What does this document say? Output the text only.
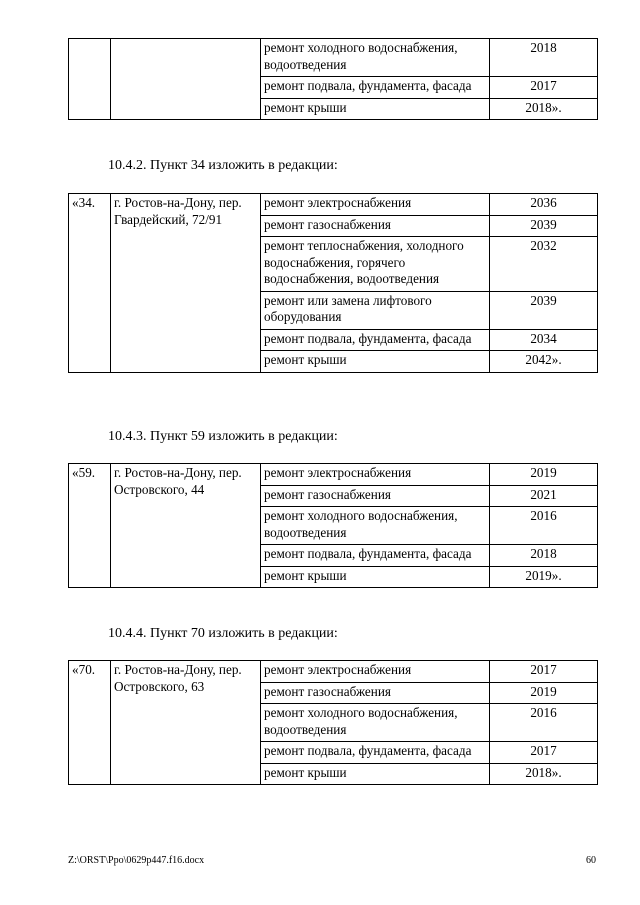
		ремонт холодного водоснабжения, водоотведения	2018
		ремонт подвала, фундамента, фасада	2017
		ремонт крыши	2018».
10.4.2. Пункт 34 изложить в редакции:
«34.	г. Ростов-на-Дону, пер. Гвардейский, 72/91	ремонт электроснабжения	2036
		ремонт газоснабжения	2039
		ремонт теплоснабжения, холодного водоснабжения, горячего водоснабжения, водоотведения	2032
		ремонт или замена лифтового оборудования	2039
		ремонт подвала, фундамента, фасада	2034
		ремонт крыши	2042».
10.4.3. Пункт 59 изложить в редакции:
«59.	г. Ростов-на-Дону, пер. Островского, 44	ремонт электроснабжения	2019
		ремонт газоснабжения	2021
		ремонт холодного водоснабжения, водоотведения	2016
		ремонт подвала, фундамента, фасада	2018
		ремонт крыши	2019».
10.4.4. Пункт 70 изложить в редакции:
«70.	г. Ростов-на-Дону, пер. Островского, 63	ремонт электроснабжения	2017
		ремонт газоснабжения	2019
		ремонт холодного водоснабжения, водоотведения	2016
		ремонт подвала, фундамента, фасада	2017
		ремонт крыши	2018».
Z:\ORST\Ppo\0629p447.f16.docx	60
